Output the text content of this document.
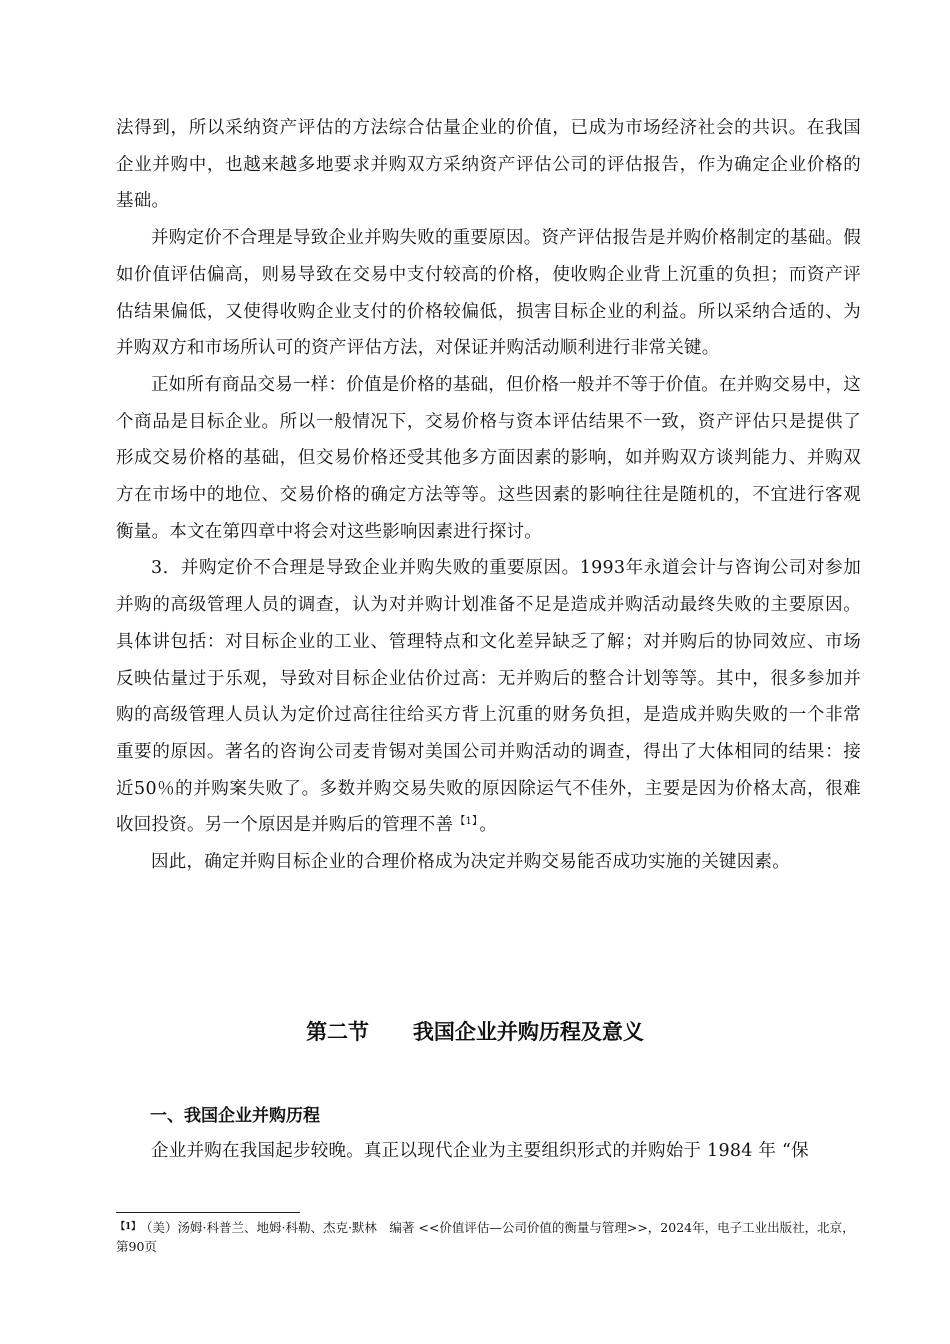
法得到，所以采纳资产评估的方法综合估量企业的价值，已成为市场经济社会的共识。在我国企业并购中，也越来越多地要求并购双方采纳资产评估公司的评估报告，作为确定企业价格的基础。

并购定价不合理是导致企业并购失败的重要原因。资产评估报告是并购价格制定的基础。假如价值评估偏高，则易导致在交易中支付较高的价格，使收购企业背上沉重的负担；而资产评估结果偏低，又使得收购企业支付的价格较偏低，损害目标企业的利益。所以采纳合适的、为并购双方和市场所认可的资产评估方法，对保证并购活动顺利进行非常关键。

正如所有商品交易一样：价值是价格的基础，但价格一般并不等于价值。在并购交易中，这个商品是目标企业。所以一般情况下，交易价格与资本评估结果不一致，资产评估只是提供了形成交易价格的基础，但交易价格还受其他多方面因素的影响，如并购双方谈判能力、并购双方在市场中的地位、交易价格的确定方法等等。这些因素的影响往往是随机的，不宜进行客观衡量。本文在第四章中将会对这些影响因素进行探讨。

3．并购定价不合理是导致企业并购失败的重要原因。1993年永道会计与咨询公司对参加并购的高级管理人员的调查，认为对并购计划准备不足是造成并购活动最终失败的主要原因。具体讲包括：对目标企业的工业、管理特点和文化差异缺乏了解；对并购后的协同效应、市场反映估量过于乐观，导致对目标企业估价过高：无并购后的整合计划等等。其中，很多参加并购的高级管理人员认为定价过高往往给买方背上沉重的财务负担，是造成并购失败的一个非常重要的原因。著名的咨询公司麦肯锡对美国公司并购活动的调查，得出了大体相同的结果：接近50％的并购案失败了。多数并购交易失败的原因除运气不佳外，主要是因为价格太高，很难收回投资。另一个原因是并购后的管理不善 $^{【1】}$ 。

因此，确定并购目标企业的合理价格成为决定并购交易能否成功实施的关键因素。

第二节      我国企业并购历程及意义
一、我国企业并购历程

企业并购在我国起步较晚。真正以现代企业为主要组织形式的并购始于 1984 年 “保

$^{【1】}$ （美）汤姆·科普兰、地姆·科勒、杰克·默林　编著 <<价值评估—公司价值的衡量与管理>>，2024年，电子工业出版社，北京，第90页
